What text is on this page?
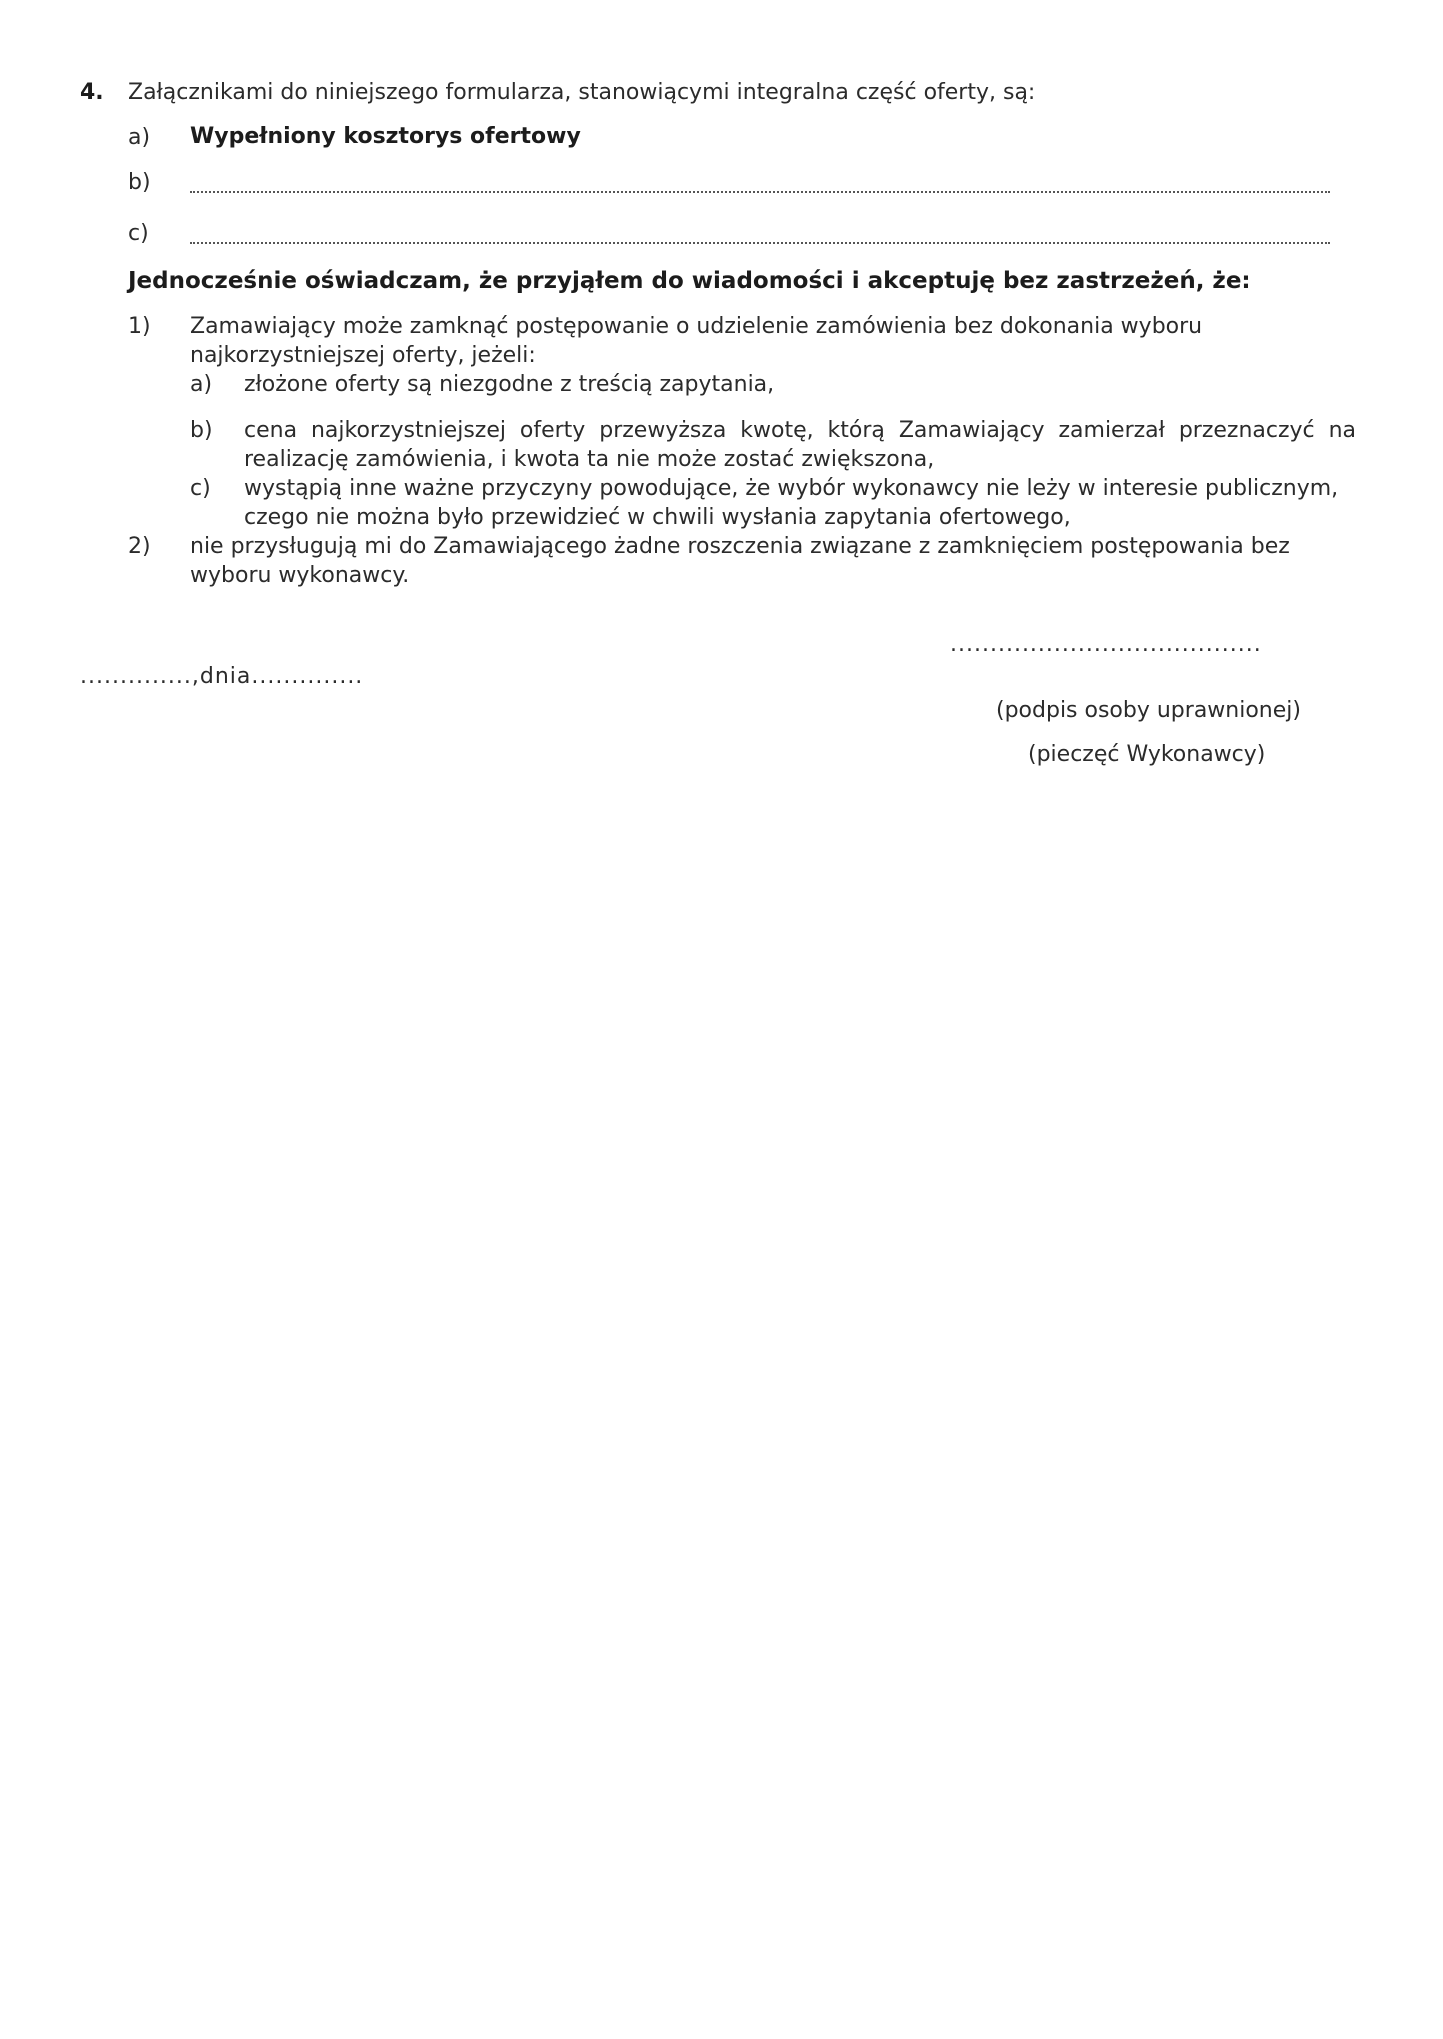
4. Załącznikami do niniejszego formularza, stanowiącymi integralna część oferty, są:
a) Wypełniony kosztorys ofertowy
b)
c)
Jednocześnie oświadczam, że przyjąłem do wiadomości i akceptuję bez zastrzeżeń, że:
1) Zamawiający może zamknąć postępowanie o udzielenie zamówienia bez dokonania wyboru
najkorzystniejszej oferty, jeżeli:
a) złożone oferty są niezgodne z treścią zapytania,
b) cena najkorzystniejszej oferty przewyższa kwotę, którą Zamawiający zamierzał przeznaczyć na
realizację zamówienia, i kwota ta nie może zostać zwiększona,
c) wystąpią inne ważne przyczyny powodujące, że wybór wykonawcy nie leży w interesie publicznym,
czego nie można było przewidzieć w chwili wysłania zapytania ofertowego,
2) nie przysługują mi do Zamawiającego żadne roszczenia związane z zamknięciem postępowania bez
wyboru wykonawcy.
..............,dnia..............
.......................................
(podpis osoby uprawnionej)
(pieczęć Wykonawcy)
